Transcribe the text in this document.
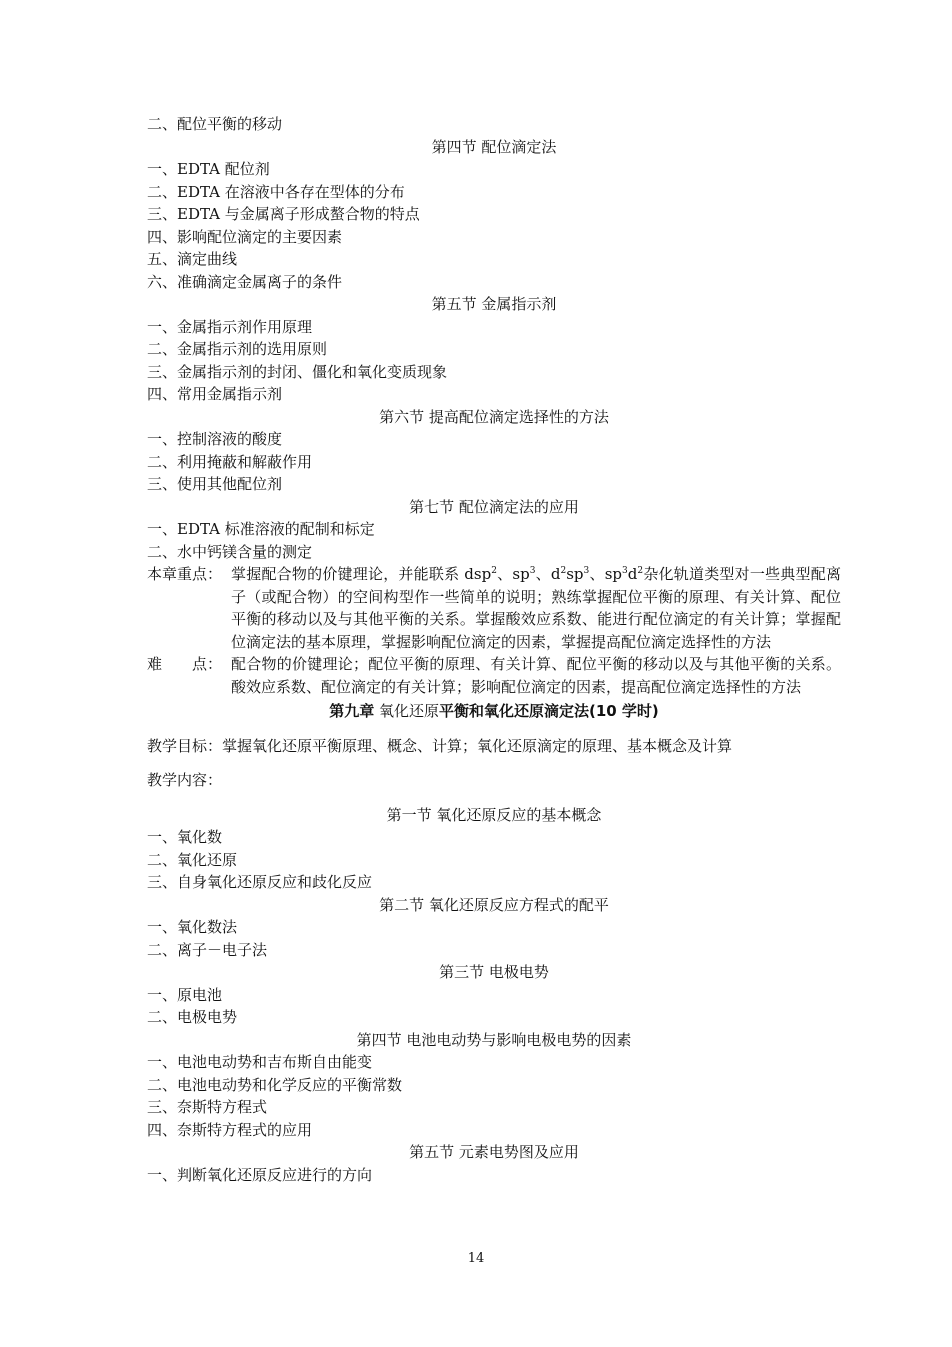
二、配位平衡的移动
第四节 配位滴定法
一、EDTA 配位剂
二、EDTA 在溶液中各存在型体的分布
三、EDTA 与金属离子形成螯合物的特点
四、影响配位滴定的主要因素
五、滴定曲线
六、准确滴定金属离子的条件
第五节 金属指示剂
一、金属指示剂作用原理
二、金属指示剂的选用原则
三、金属指示剂的封闭、僵化和氧化变质现象
四、常用金属指示剂
第六节 提高配位滴定选择性的方法
一、控制溶液的酸度
二、利用掩蔽和解蔽作用
三、使用其他配位剂
第七节 配位滴定法的应用
一、EDTA 标准溶液的配制和标定
二、水中钙镁含量的测定
本章重点： 掌握配合物的价键理论，并能联系 dsp$^2$、$sp^3$、$d^2sp^3$、$sp^3d^2$杂化轨道类型对一些典型配离子（或配合物）的空间构型作一些简单的说明；熟练掌握配位平衡的原理、有关计算、配位平衡的移动以及与其他平衡的关系。掌握酸效应系数、能进行配位滴定的有关计算；掌握配位滴定法的基本原理，掌握影响配位滴定的因素，掌握提高配位滴定选择性的方法
难　　点： 配合物的价键理论；配位平衡的原理、有关计算、配位平衡的移动以及与其他平衡的关系。酸效应系数、配位滴定的有关计算；影响配位滴定的因素，提高配位滴定选择性的方法
第九章 氧化还原平衡和氧化还原滴定法(10 学时)
教学目标：掌握氧化还原平衡原理、概念、计算；氧化还原滴定的原理、基本概念及计算
教学内容：
第一节 氧化还原反应的基本概念
一、氧化数
二、氧化还原
三、自身氧化还原反应和歧化反应
第二节 氧化还原反应方程式的配平
一、氧化数法
二、离子－电子法
第三节 电极电势
一、原电池
二、电极电势
第四节 电池电动势与影响电极电势的因素
一、电池电动势和吉布斯自由能变
二、电池电动势和化学反应的平衡常数
三、奈斯特方程式
四、奈斯特方程式的应用
第五节 元素电势图及应用
一、判断氧化还原反应进行的方向
14
